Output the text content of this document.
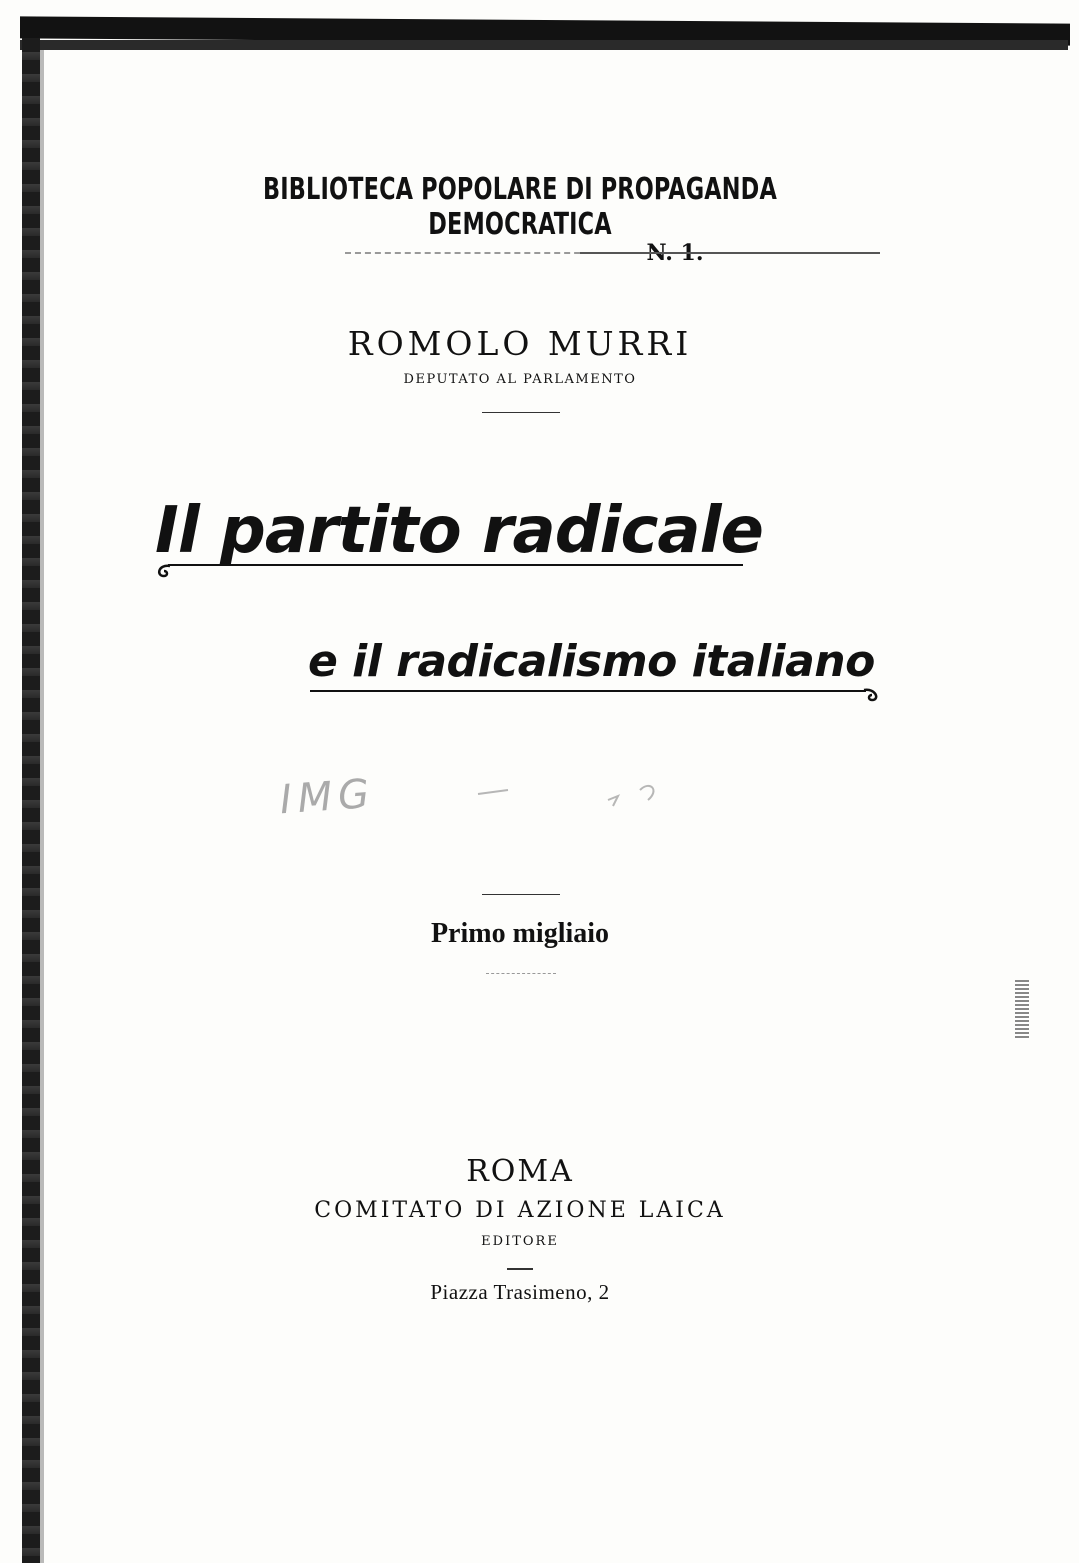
BIBLIOTECA POPOLARE DI PROPAGANDA DEMOCRATICA
N. 1.
ROMOLO MURRI
DEPUTATO AL PARLAMENTO
Il partito radicale
e il radicalismo italiano
IMG
Primo migliaio
ROMA
COMITATO DI AZIONE LAICA
EDITORE
Piazza Trasimeno, 2
